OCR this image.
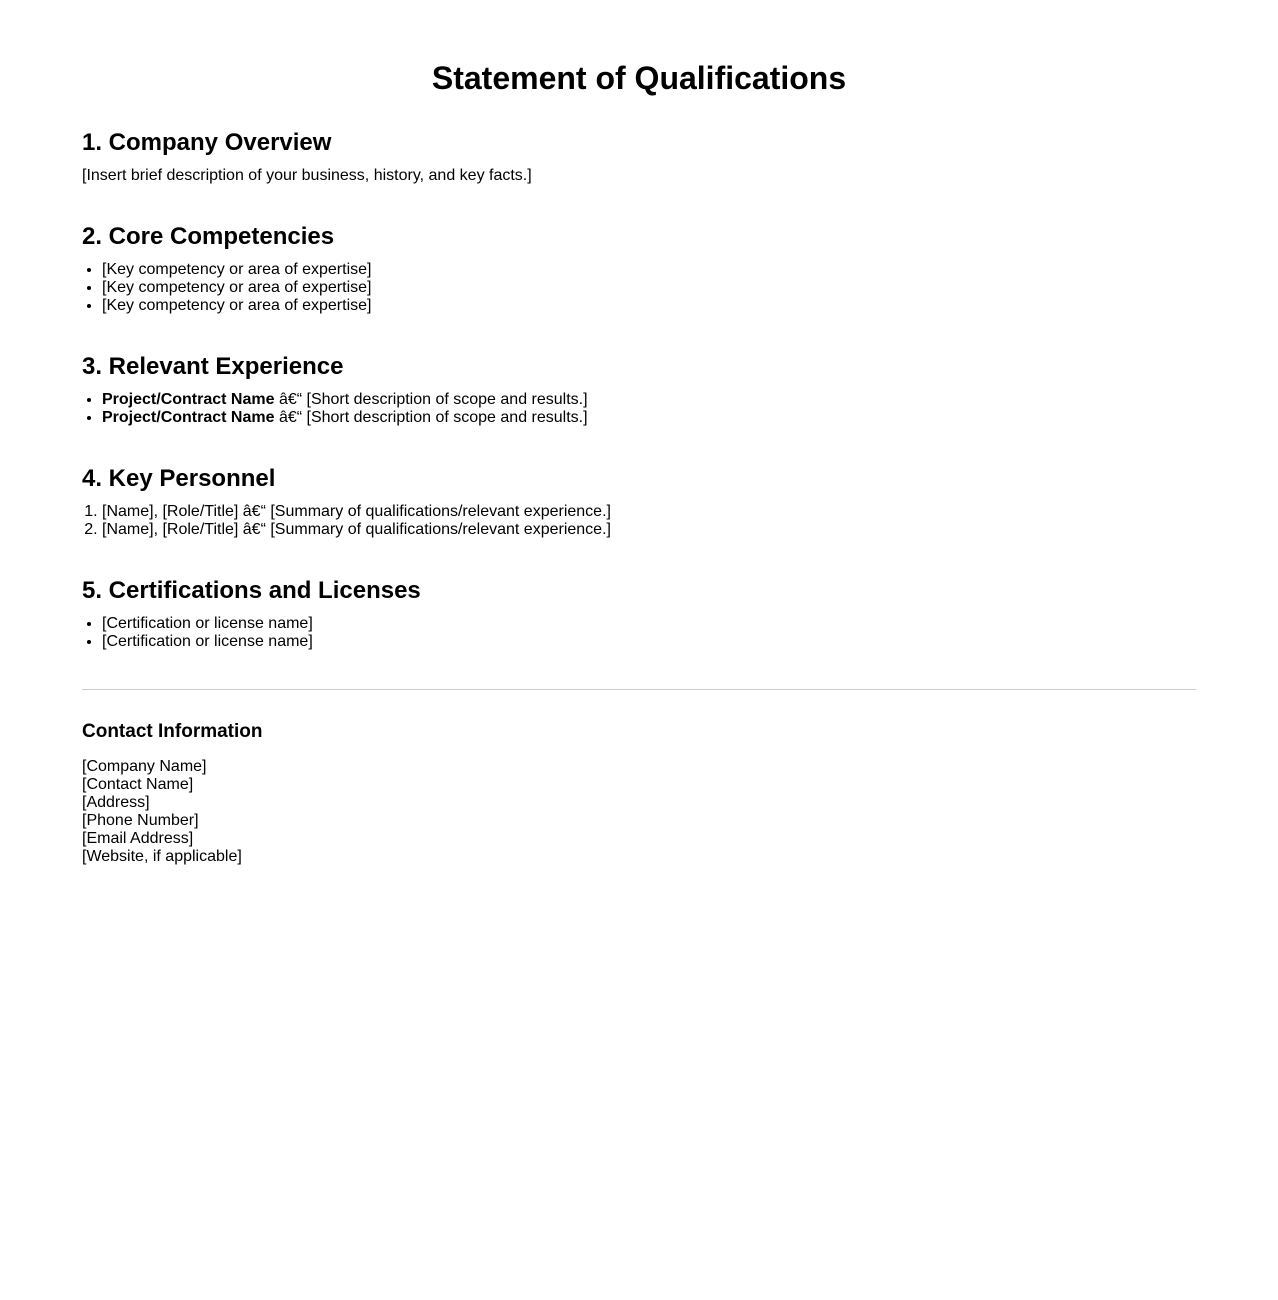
Statement of Qualifications
1. Company Overview

[Insert brief description of your business, history, and key facts.]

2. Core Competencies
• [Key competency or area of expertise]
• [Key competency or area of expertise]
• [Key competency or area of expertise]
3. Relevant Experience
• Project/Contract Name â€“ [Short description of scope and results.]
• Project/Contract Name â€“ [Short description of scope and results.]
4. Key Personnel
1. [Name], [Role/Title] â€“ [Summary of qualifications/relevant experience.]
2. [Name], [Role/Title] â€“ [Summary of qualifications/relevant experience.]
5. Certifications and Licenses
• [Certification or license name]
• [Certification or license name]
Contact Information
[Company Name]
[Contact Name]
[Address]
[Phone Number]
[Email Address]
[Website, if applicable]
